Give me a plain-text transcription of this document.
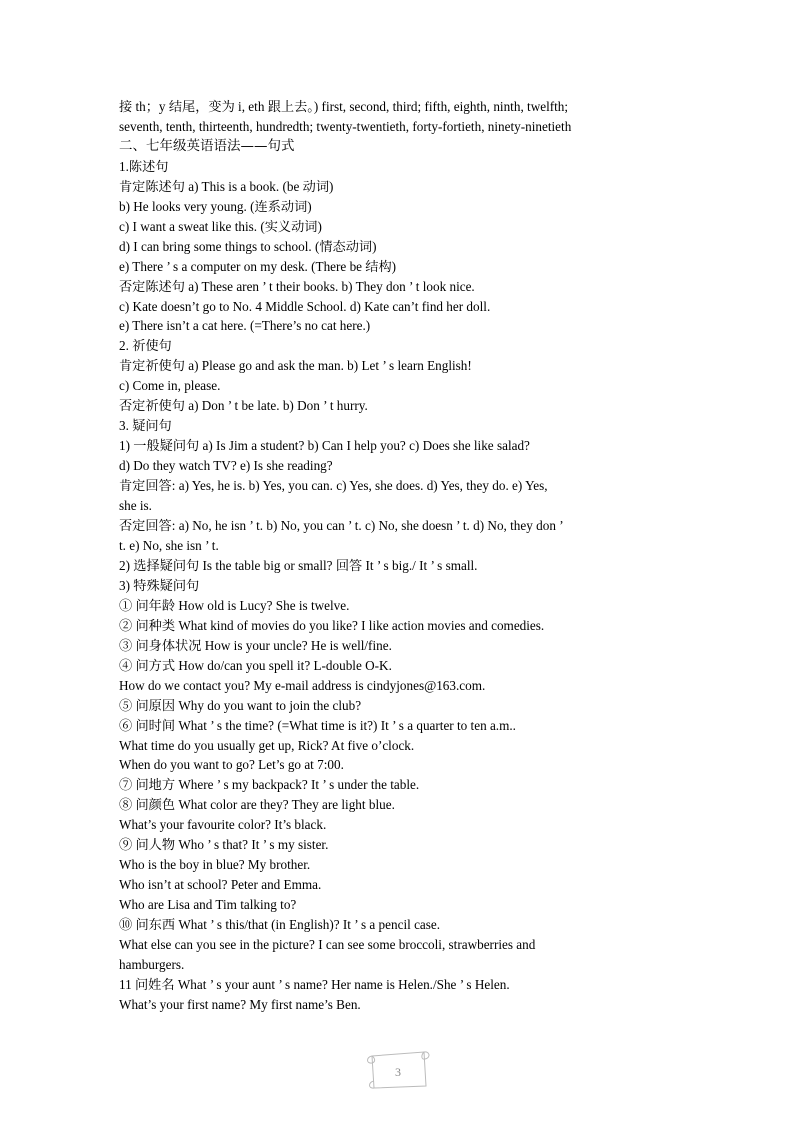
接 th；y 结尾，变为 i, eth 跟上去。) first, second, third; fifth, eighth, ninth, twelfth;
seventh, tenth, thirteenth, hundredth; twenty-twentieth, forty-fortieth, ninety-ninetieth
二、七年级英语语法——句式
1.陈述句
肯定陈述句 a) This is a book. (be 动词)
b) He looks very young. (连系动词)
c) I want a sweat like this. (实义动词)
d) I can bring some things to school. (情态动词)
e) There ’ s a computer on my desk. (There be 结构)
否定陈述句 a) These aren ’ t their books. b) They don ’ t look nice.
c) Kate doesn’t go to No. 4 Middle School. d) Kate can’t find her doll.
e) There isn’t a cat here. (=There’s no cat here.)
2. 祈使句
肯定祈使句 a) Please go and ask the man. b) Let ’ s learn English!
c) Come in, please.
否定祈使句 a) Don ’ t be late. b) Don ’ t hurry.
3. 疑问句
1) 一般疑问句 a) Is Jim a student? b) Can I help you? c) Does she like salad?
d) Do they watch TV? e) Is she reading?
肯定回答: a) Yes, he is. b) Yes, you can. c) Yes, she does. d) Yes, they do. e) Yes,
she is.
否定回答: a) No, he isn ’ t. b) No, you can ’ t. c) No, she doesn ’ t. d) No, they don ’
t. e) No, she isn ’ t.
2) 选择疑问句 Is the table big or small? 回答 It ’ s big./ It ’ s small.
3) 特殊疑问句
① 问年龄 How old is Lucy? She is twelve.
② 问种类 What kind of movies do you like? I like action movies and comedies.
③ 问身体状况 How is your uncle? He is well/fine.
④ 问方式 How do/can you spell it? L-double O-K.
How do we contact you? My e-mail address is cindyjones@163.com.
⑤ 问原因 Why do you want to join the club?
⑥ 问时间 What ’ s the time? (=What time is it?) It ’ s a quarter to ten a.m..
What time do you usually get up, Rick? At five o’clock.
When do you want to go? Let’s go at 7:00.
⑦ 问地方 Where ’ s my backpack? It ’ s under the table.
⑧ 问颜色 What color are they? They are light blue.
What’s your favourite color? It’s black.
⑨ 问人物 Who ’ s that? It ’ s my sister.
Who is the boy in blue? My brother.
Who isn’t at school? Peter and Emma.
Who are Lisa and Tim talking to?
⑩ 问东西 What ’ s this/that (in English)? It ’ s a pencil case.
What else can you see in the picture? I can see some broccoli, strawberries and
hamburgers.
11 问姓名 What ’ s your aunt ’ s name? Her name is Helen./She ’ s Helen.
What’s your first name? My first name’s Ben.
3
